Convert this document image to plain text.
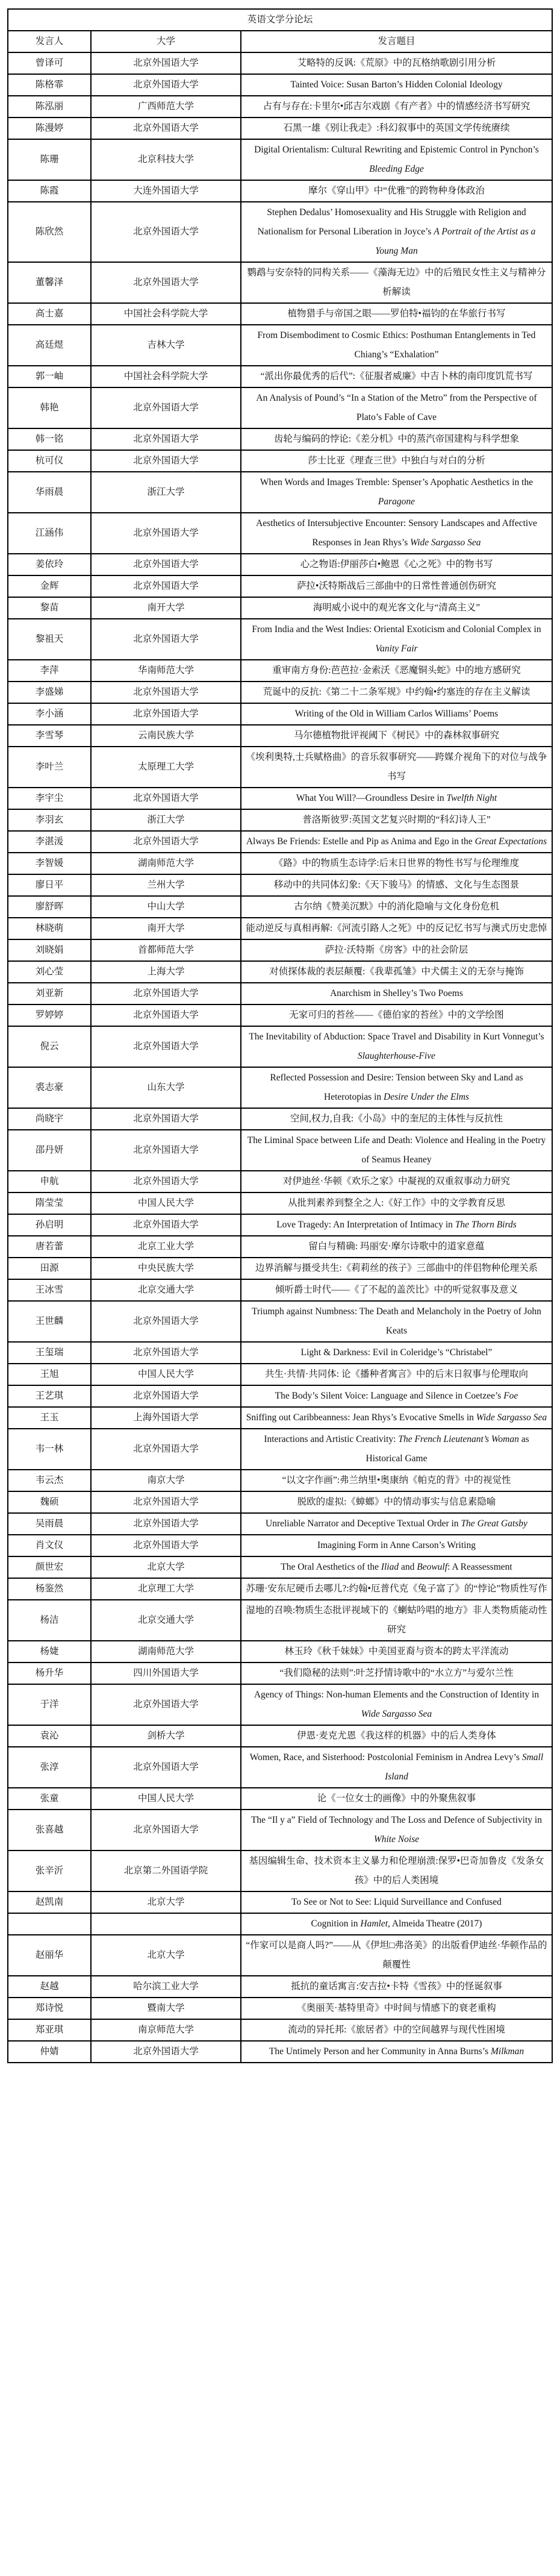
英语文学分论坛		
发言人	大学	发言题目
曾译可	北京外国语大学	艾略特的反讽:《荒原》中的瓦格纳歌剧引用分析
陈格霏	北京外国语大学	Tainted Voice: Susan Barton’s Hidden Colonial Ideology
陈泓丽	广西师范大学	占有与存在:卡里尔•邱吉尔戏剧《有产者》中的情感经济书写研究
陈漫婷	北京外国语大学	石黑一雄《别让我走》:科幻叙事中的英国文学传统赓续
陈珊	北京科技大学	Digital Orientalism: Cultural Rewriting and Epistemic Control in Pynchon’s Bleeding Edge
陈霞	大连外国语大学	摩尔《穿山甲》中“优雅”的跨物种身体政治
陈欣然	北京外国语大学	Stephen Dedalus’ Homosexuality and His Struggle with Religion and Nationalism for Personal Liberation in Joyce’s A Portrait of the Artist as a Young Man
董馨泽	北京外国语大学	鹦鹉与安奈特的同构关系——《藻海无边》中的后殖民女性主义与精神分析解读
高士嘉	中国社会科学院大学	植物猎手与帝国之眼——罗伯特•福钧的在华旅行书写
高廷煜	吉林大学	From Disembodiment to Cosmic Ethics: Posthuman Entanglements in Ted Chiang’s “Exhalation”
郭一岫	中国社会科学院大学	“派出你最优秀的后代”:《征服者威廉》中吉卜林的南印度饥荒书写
韩艳	北京外国语大学	An Analysis of Pound’s “In a Station of the Metro” from the Perspective of Plato’s Fable of Cave
韩一铭	北京外国语大学	齿轮与编码的悖论:《差分机》中的蒸汽帝国建构与科学想象
杭可仪	北京外国语大学	莎士比亚《理查三世》中独白与对白的分析
华雨晨	浙江大学	When Words and Images Tremble: Spenser’s Apophatic Aesthetics in the Paragone
江涵伟	北京外国语大学	Aesthetics of Intersubjective Encounter: Sensory Landscapes and Affective Responses in Jean Rhys’s Wide Sargasso Sea
姜依玲	北京外国语大学	心之物语:伊丽莎白•鲍恩《心之死》中的物书写
金辉	北京外国语大学	萨拉•沃特斯战后三部曲中的日常性普通创伤研究
黎苗	南开大学	海明威小说中的观光客文化与“清高主义”
黎祖天	北京外国语大学	From India and the West Indies: Oriental Exoticism and Colonial Complex in Vanity Fair
李萍	华南师范大学	重审南方身份:芭芭拉·金索沃《恶魔铜头蛇》中的地方感研究
李盛娣	北京外国语大学	荒诞中的反抗:《第二十二条军规》中约翰•约塞连的存在主义解读
李小涵	北京外国语大学	Writing of the Old in William Carlos Williams’ Poems
李雪琴	云南民族大学	马尔德植物批评视阈下《树民》中的森林叙事研究
李叶兰	太原理工大学	《埃利奥特,士兵赋格曲》的音乐叙事研究——跨媒介视角下的对位与战争书写
李宇尘	北京外国语大学	What You Will?—Groundless Desire in Twelfth Night
李羽玄	浙江大学	普洛斯彼罗:英国文艺复兴时期的“科幻诗人王”
李湛湲	北京外国语大学	Always Be Friends: Estelle and Pip as Anima and Ego in the Great Expectations
李智媛	湖南师范大学	《路》中的物质生态诗学:后末日世界的物性书写与伦理维度
廖日平	兰州大学	移动中的共同体幻象:《天下骏马》的情感、文化与生态图景
廖舒晖	中山大学	古尔纳《赞美沉默》中的消化隐喻与文化身份危机
林晓萌	南开大学	能动逆反与真相再解:《河流引路人之死》中的反记忆书写与澳式历史悲悼
刘晓娟	首都师范大学	萨拉·沃特斯《房客》中的社会阶层
刘心莹	上海大学	对侦探体裁的表层颠覆:《我辈孤雏》中犬儒主义的无奈与掩饰
刘亚新	北京外国语大学	Anarchism in Shelley’s Two Poems
罗婷婷	北京外国语大学	无家可归的苔丝——《德伯家的苔丝》中的文学绘图
倪云	北京外国语大学	The Inevitability of Abduction: Space Travel and Disability in Kurt Vonnegut’s Slaughterhouse-Five
裘志豪	山东大学	Reflected Possession and Desire: Tension between Sky and Land as Heterotopias in Desire Under the Elms
尚晓宇	北京外国语大学	空间,权力,自我:《小岛》中的奎尼的主体性与反抗性
邵丹妍	北京外国语大学	The Liminal Space between Life and Death: Violence and Healing in the Poetry of Seamus Heaney
申航	北京外国语大学	对伊迪丝·华顿《欢乐之家》中凝视的双重叙事动力研究
隋莹莹	中国人民大学	从批判素养到整全之人:《好工作》中的文学教育反思
孙启明	北京外国语大学	Love Tragedy: An Interpretation of Intimacy in The Thorn Birds
唐若蕾	北京工业大学	留白与精确: 玛丽安·摩尔诗歌中的道家意蕴
田源	中央民族大学	边界消解与摄受共生:《莉莉丝的孩子》三部曲中的伴侣物种伦理关系
王冰雪	北京交通大学	倾听爵士时代——《了不起的盖茨比》中的听觉叙事及意义
王世麟	北京外国语大学	Triumph against Numbness: The Death and Melancholy in the Poetry of John Keats
王玺瑞	北京外国语大学	Light & Darkness: Evil in Coleridge’s “Christabel”
王旭	中国人民大学	共生·共情·共同体: 论《播种者寓言》中的后末日叙事与伦理取向
王艺琪	北京外国语大学	The Body’s Silent Voice: Language and Silence in Coetzee’s Foe
王玉	上海外国语大学	Sniffing out Caribbeanness: Jean Rhys’s Evocative Smells in Wide Sargasso Sea
韦一林	北京外国语大学	Interactions and Artistic Creativity: The French Lieutenant’s Woman as Historical Game
韦云杰	南京大学	“以文字作画”:弗兰纳里•奥康纳《帕克的背》中的视觉性
魏硕	北京外国语大学	脱欧的虚拟:《蟑螂》中的情动事实与信息素隐喻
吴雨晨	北京外国语大学	Unreliable Narrator and Deceptive Textual Order in The Great Gatsby
肖文仪	北京外国语大学	Imagining Form in Anne Carson’s Writing
颜世宏	北京大学	The Oral Aesthetics of the Iliad and Beowulf: A Reassessment
杨鉴然	北京理工大学	苏珊·安东尼硬币去哪儿?:约翰•厄普代克《兔子富了》的“悖论”物质性写作
杨洁	北京交通大学	湿地的召唤:物质生态批评视域下的《蝲蛄吟唱的地方》非人类物质能动性研究
杨婕	湖南师范大学	林玉玲《秋千妹妹》中美国亚裔与资本的跨太平洋流动
杨升华	四川外国语大学	“我们隐秘的法则”:叶芝抒情诗歌中的“水立方”与爱尔兰性
于洋	北京外国语大学	Agency of Things: Non-human Elements and the Construction of Identity in Wide Sargasso Sea
袁沁	剑桥大学	伊恩·麦克尤恩《我这样的机器》中的后人类身体
张淳	北京外国语大学	Women, Race, and Sisterhood: Postcolonial Feminism in Andrea Levy’s Small Island
张童	中国人民大学	论《一位女士的画像》中的外聚焦叙事
张喜越	北京外国语大学	The “Il y a” Field of Technology and The Loss and Defence of Subjectivity in White Noise
张辛沂	北京第二外国语学院	基因编辑生命、技术资本主义暴力和伦理崩溃:保罗•巴奇加鲁皮《发条女孩》中的后人类困境
赵凯南	北京大学	To See or Not to See: Liquid Surveillance and Confused
		Cognition in Hamlet, Almeida Theatre (2017)
赵丽华	北京大学	“作家可以是商人吗?”——从《伊坦□弗洛美》的出版看伊迪丝·华顿作品的颠覆性
赵越	哈尔滨工业大学	抵抗的童话寓言:安吉拉•卡特《雪孩》中的怪诞叙事
郑诗悦	暨南大学	《奥丽芙·基特里奇》中时间与情感下的衰老重构
郑亚琪	南京师范大学	流动的异托邦:《旅居者》中的空间越界与现代性困境
仲婧	北京外国语大学	The Untimely Person and her Community in Anna Burns’s Milkman
